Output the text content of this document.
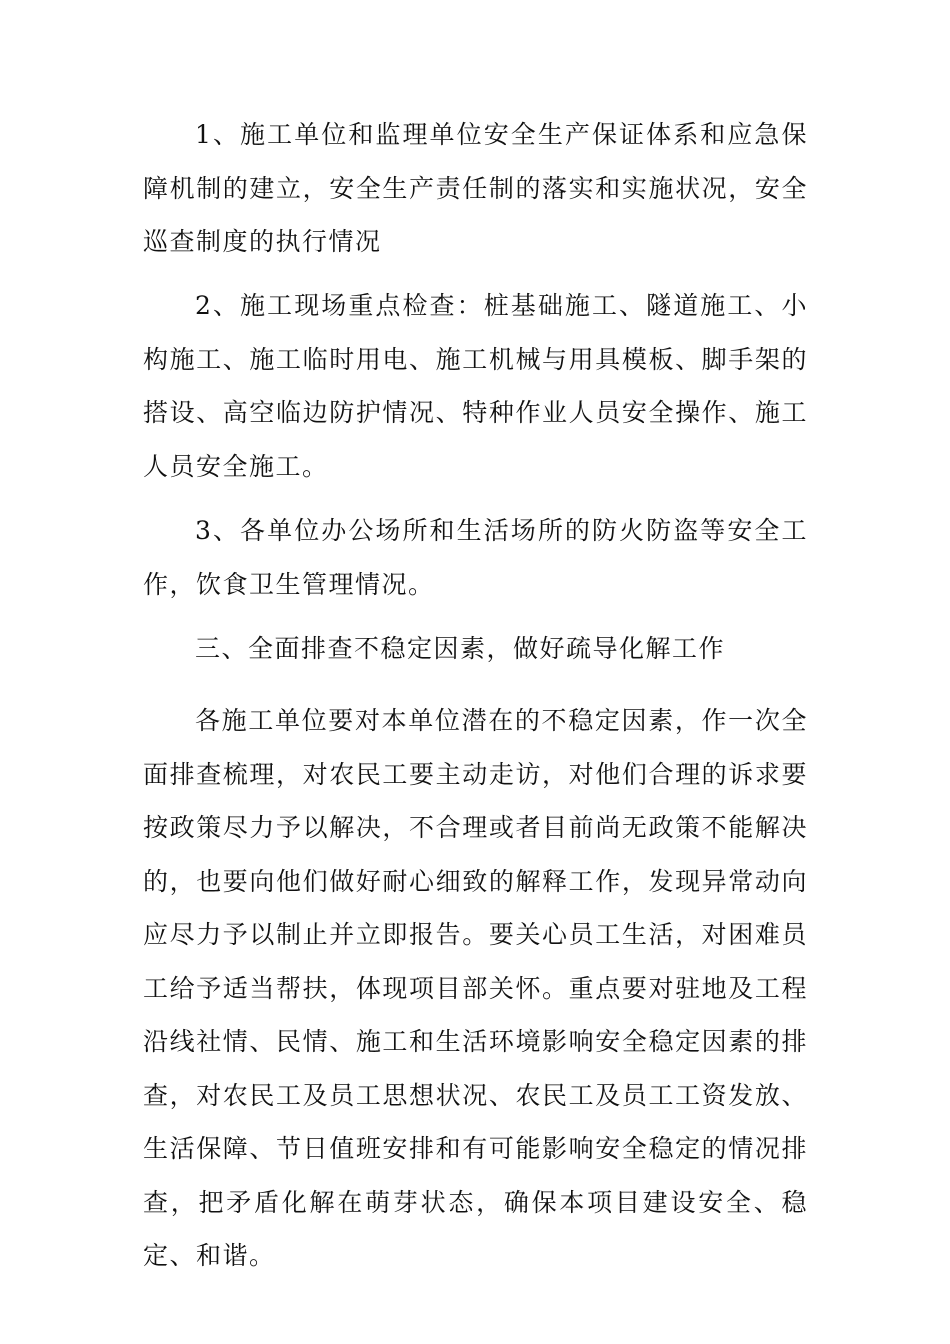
1、施工单位和监理单位安全生产保证体系和应急保障机制的建立，安全生产责任制的落实和实施状况，安全巡查制度的执行情况

2、施工现场重点检查：桩基础施工、隧道施工、小构施工、施工临时用电、施工机械与用具模板、脚手架的搭设、高空临边防护情况、特种作业人员安全操作、施工人员安全施工。

3、各单位办公场所和生活场所的防火防盗等安全工作，饮食卫生管理情况。

三、全面排查不稳定因素，做好疏导化解工作

各施工单位要对本单位潜在的不稳定因素，作一次全面排查梳理，对农民工要主动走访，对他们合理的诉求要按政策尽力予以解决，不合理或者目前尚无政策不能解决的，也要向他们做好耐心细致的解释工作，发现异常动向应尽力予以制止并立即报告。要关心员工生活，对困难员工给予适当帮扶，体现项目部关怀。重点要对驻地及工程沿线社情、民情、施工和生活环境影响安全稳定因素的排查，对农民工及员工思想状况、农民工及员工工资发放、生活保障、节日值班安排和有可能影响安全稳定的情况排查，把矛盾化解在萌芽状态，确保本项目建设安全、稳定、和谐。
